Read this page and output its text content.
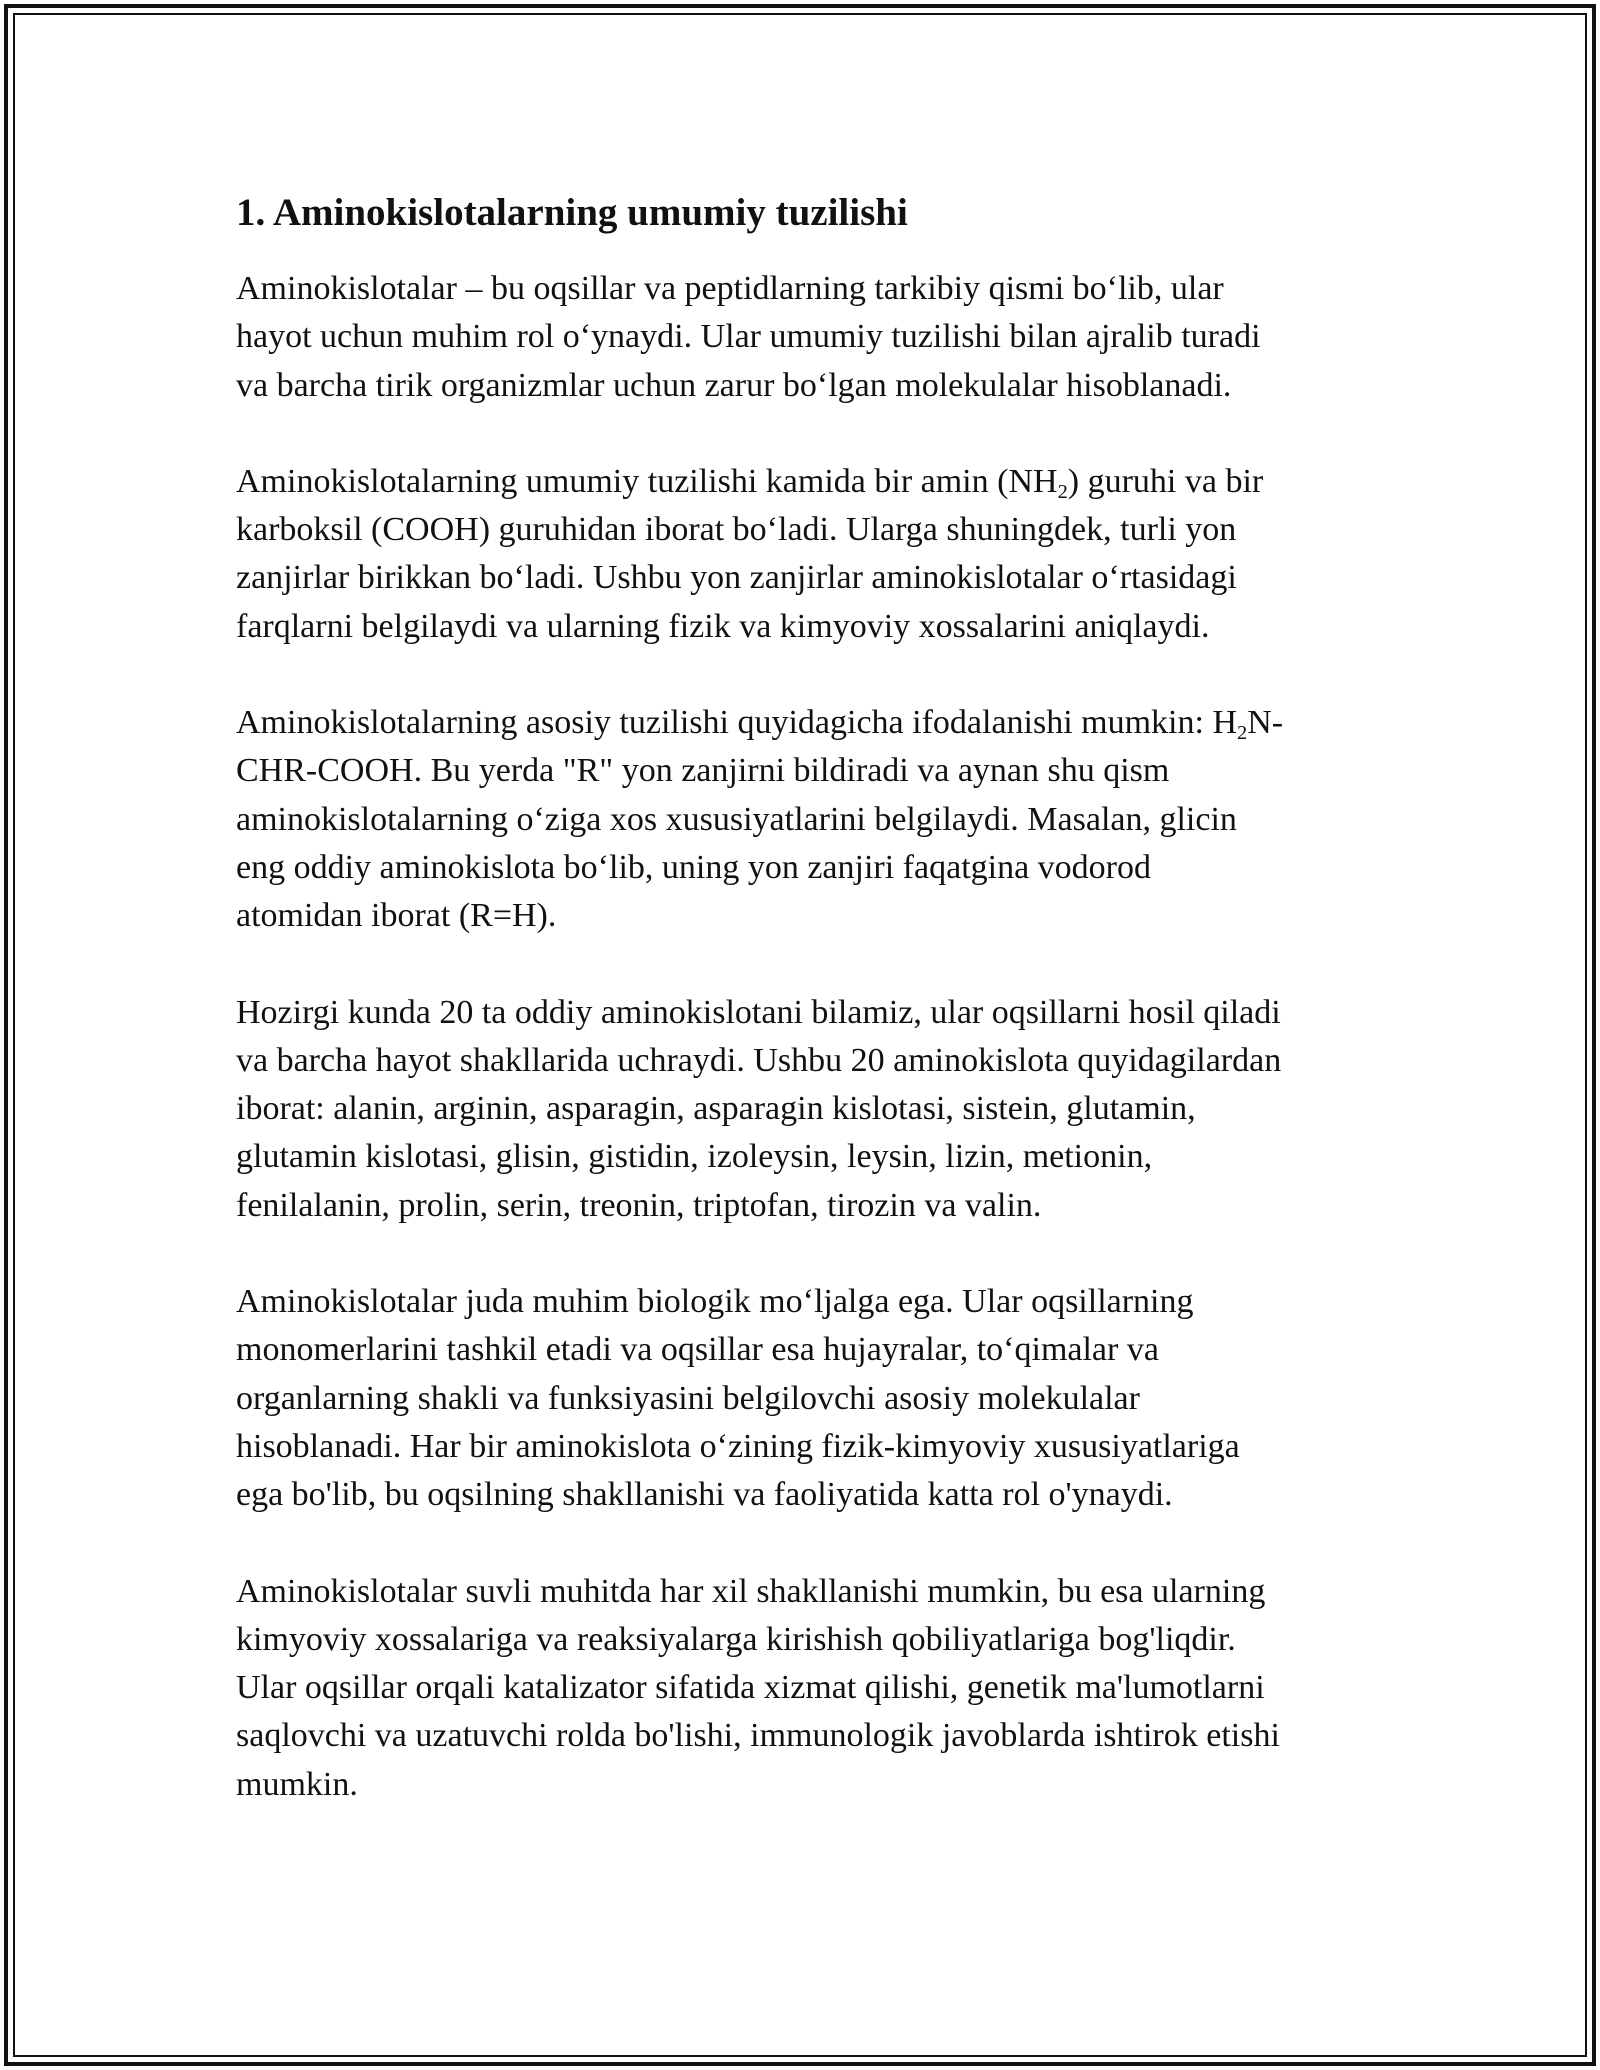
1. Aminokislotalarning umumiy tuzilishi

Aminokislotalar – bu oqsillar va peptidlarning tarkibiy qismi bo‘lib, ular
hayot uchun muhim rol o‘ynaydi. Ular umumiy tuzilishi bilan ajralib turadi
va barcha tirik organizmlar uchun zarur bo‘lgan molekulalar hisoblanadi.

Aminokislotalarning umumiy tuzilishi kamida bir amin $(NH_2)$ guruhi va bir
karboksil (COOH) guruhidan iborat bo‘ladi. Ularga shuningdek, turli yon
zanjirlar birikkan bo‘ladi. Ushbu yon zanjirlar aminokislotalar o‘rtasidagi
farqlarni belgilaydi va ularning fizik va kimyoviy xossalarini aniqlaydi.

Aminokislotalarning asosiy tuzilishi quyidagicha ifodalanishi mumkin: $H_2N-$
CHR-COOH. Bu yerda "R" yon zanjirni bildiradi va aynan shu qism
aminokislotalarning o‘ziga xos xususiyatlarini belgilaydi. Masalan, glicin
eng oddiy aminokislota bo‘lib, uning yon zanjiri faqatgina vodorod
atomidan iborat (R=H).

Hozirgi kunda 20 ta oddiy aminokislotani bilamiz, ular oqsillarni hosil qiladi
va barcha hayot shakllarida uchraydi. Ushbu 20 aminokislota quyidagilardan
iborat: alanin, arginin, asparagin, asparagin kislotasi, sistein, glutamin,
glutamin kislotasi, glisin, gistidin, izoleysin, leysin, lizin, metionin,
fenilalanin, prolin, serin, treonin, triptofan, tirozin va valin.

Aminokislotalar juda muhim biologik mo‘ljalga ega. Ular oqsillarning
monomerlarini tashkil etadi va oqsillar esa hujayralar, to‘qimalar va
organlarning shakli va funksiyasini belgilovchi asosiy molekulalar
hisoblanadi. Har bir aminokislota o‘zining fizik-kimyoviy xususiyatlariga
ega bo'lib, bu oqsilning shakllanishi va faoliyatida katta rol o'ynaydi.

Aminokislotalar suvli muhitda har xil shakllanishi mumkin, bu esa ularning
kimyoviy xossalariga va reaksiyalarga kirishish qobiliyatlariga bog'liqdir.
Ular oqsillar orqali katalizator sifatida xizmat qilishi, genetik ma'lumotlarni
saqlovchi va uzatuvchi rolda bo'lishi, immunologik javoblarda ishtirok etishi
mumkin.
